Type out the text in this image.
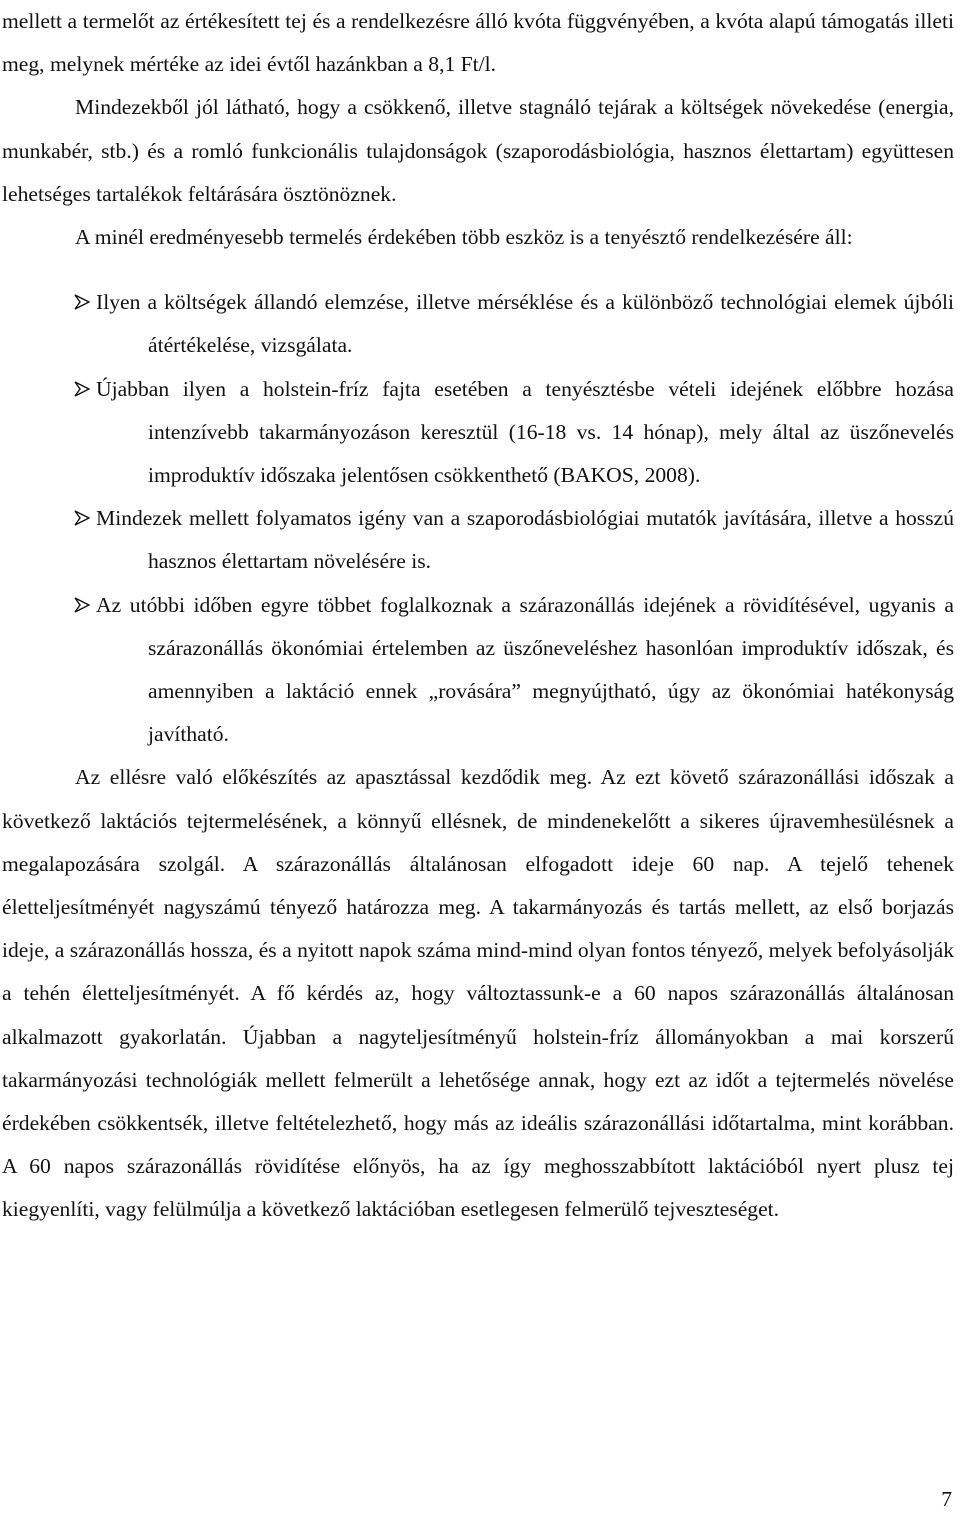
mellett a termelőt az értékesített tej és a rendelkezésre álló kvóta függvényében, a kvóta alapú támogatás illeti meg, melynek mértéke az idei évtől hazánkban a 8,1 Ft/l.

Mindezekből jól látható, hogy a csökkenő, illetve stagnáló tejárak a költségek növekedése (energia, munkabér, stb.) és a romló funkcionális tulajdonságok (szaporodásbiológia, hasznos élettartam) együttesen lehetséges tartalékok feltárására ösztönöznek.

A minél eredményesebb termelés érdekében több eszköz is a tenyésztő rendelkezésére áll:

Ilyen a költségek állandó elemzése, illetve mérséklése és a különböző technológiai elemek újbóli átértékelése, vizsgálata.
Újabban ilyen a holstein-fríz fajta esetében a tenyésztésbe vételi idejének előbbre hozása intenzívebb takarmányozáson keresztül (16-18 vs. 14 hónap), mely által az üszőnevelés improduktív időszaka jelentősen csökkenthető (BAKOS, 2008).
Mindezek mellett folyamatos igény van a szaporodásbiológiai mutatók javítására, illetve a hosszú hasznos élettartam növelésére is.
Az utóbbi időben egyre többet foglalkoznak a szárazonállás idejének a rövidítésével, ugyanis a szárazonállás ökonómiai értelemben az üszőneveléshez hasonlóan improduktív időszak, és amennyiben a laktáció ennek „rovására” megnyújtható, úgy az ökonómiai hatékonyság javítható.

Az ellésre való előkészítés az apasztással kezdődik meg. Az ezt követő szárazonállási időszak a következő laktációs tejtermelésének, a könnyű ellésnek, de mindenekelőtt a sikeres újravemhesülésnek a megalapozására szolgál. A szárazonállás általánosan elfogadott ideje 60 nap. A tejelő tehenek életteljesítményét nagyszámú tényező határozza meg. A takarmányozás és tartás mellett, az első borjazás ideje, a szárazonállás hossza, és a nyitott napok száma mind-mind olyan fontos tényező, melyek befolyásolják a tehén életteljesítményét. A fő kérdés az, hogy változtassunk-e a 60 napos szárazonállás általánosan alkalmazott gyakorlatán. Újabban a nagyteljesítményű holstein-fríz állományokban a mai korszerű takarmányozási technológiák mellett felmerült a lehetősége annak, hogy ezt az időt a tejtermelés növelése érdekében csökkentsék, illetve feltételezhető, hogy más az ideális szárazonállási időtartalma, mint korábban. A 60 napos szárazonállás rövidítése előnyös, ha az így meghosszabbított laktációból nyert plusz tej kiegyenlíti, vagy felülmúlja a következő laktációban esetlegesen felmerülő tejveszteséget.

7
